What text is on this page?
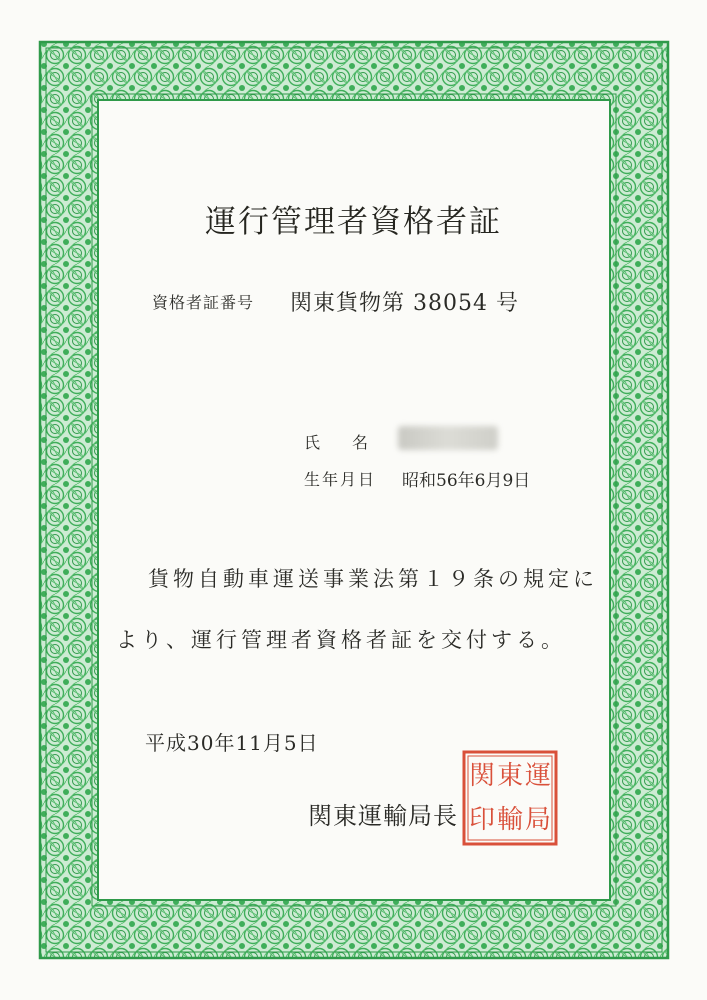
運行管理者資格者証
資格者証番号 関東貨物第 38054 号
氏　　名
生年月日 昭和56年6月9日
貨物自動車運送事業法第１９条の規定に
より、運行管理者資格者証を交付する。
平成30年11月5日
関東運輸局長
運
東
関
局
輸
印
